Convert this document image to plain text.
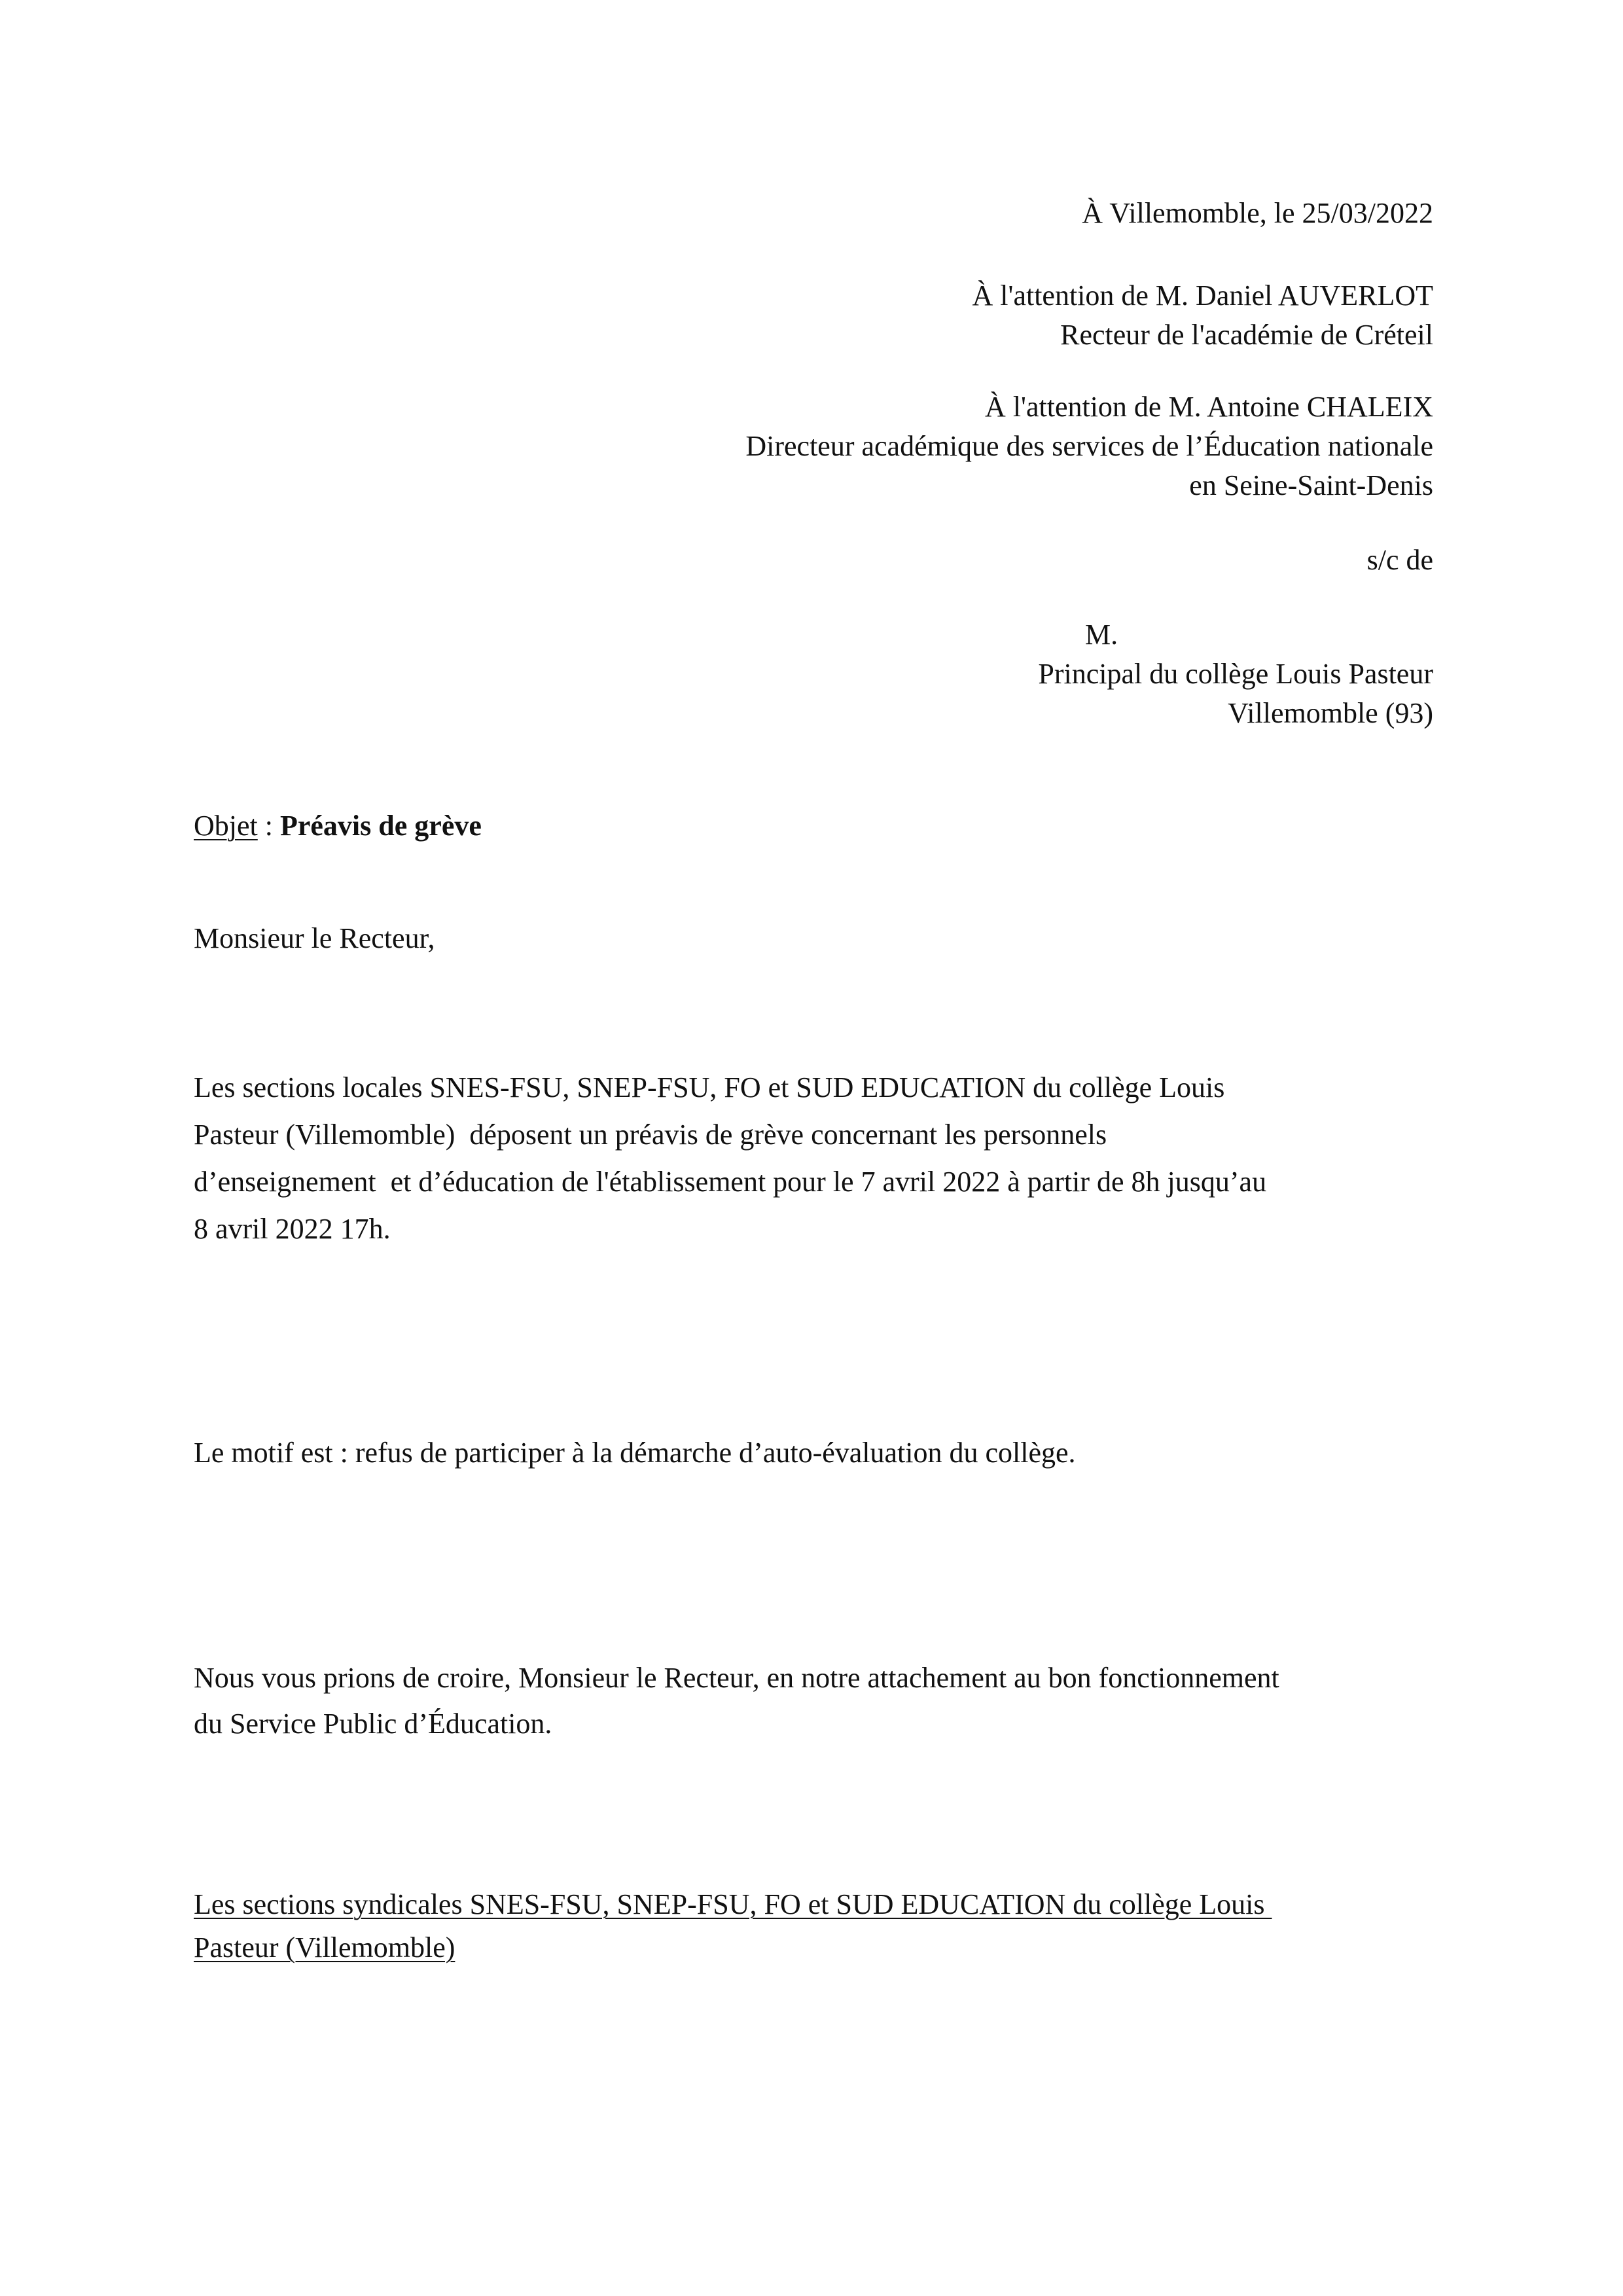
À Villemomble, le 25/03/2022
À l'attention de M. Daniel AUVERLOT
Recteur de l'académie de Créteil
À l'attention de M. Antoine CHALEIX
Directeur académique des services de l’Éducation nationale
en Seine-Saint-Denis
s/c de
M.
Principal du collège Louis Pasteur
Villemomble (93)
Objet : Préavis de grève
Monsieur le Recteur,
Les sections locales SNES-FSU, SNEP-FSU, FO et SUD EDUCATION du collège Louis
Pasteur (Villemomble)  déposent un préavis de grève concernant les personnels
d’enseignement  et d’éducation de l'établissement pour le 7 avril 2022 à partir de 8h jusqu’au
8 avril 2022 17h.
Le motif est : refus de participer à la démarche d’auto-évaluation du collège.
Nous vous prions de croire, Monsieur le Recteur, en notre attachement au bon fonctionnement
du Service Public d’Éducation.
Les sections syndicales SNES-FSU, SNEP-FSU, FO et SUD EDUCATION du collège Louis
Pasteur (Villemomble)
